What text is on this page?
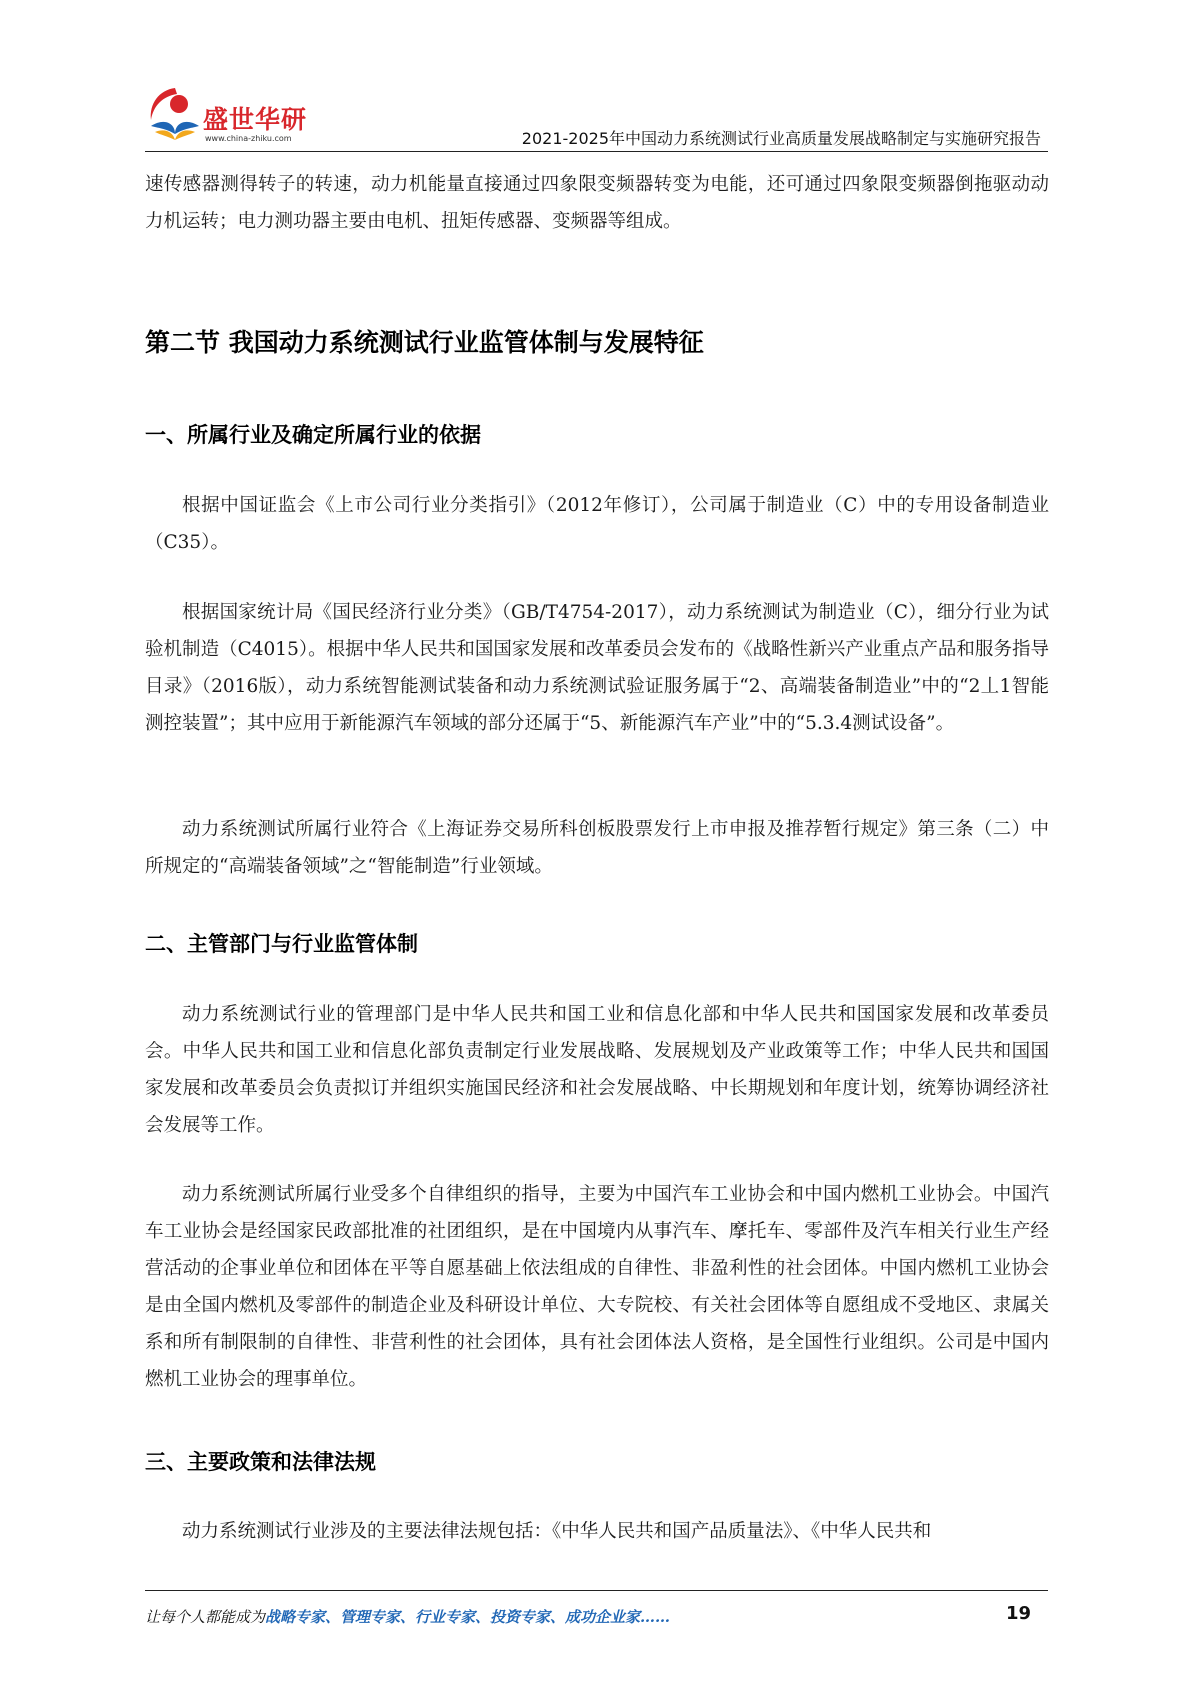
盛世华研
www.china-zhiku.com	2021-2025年中国动力系统测试行业高质量发展战略制定与实施研究报告

速传感器测得转子的转速，动力机能量直接通过四象限变频器转变为电能，还可通过四象限变频器倒拖驱动动力机运转；电力测功器主要由电机、扭矩传感器、变频器等组成。

第二节 我国动力系统测试行业监管体制与发展特征
一、所属行业及确定所属行业的依据

根据中国证监会《上市公司行业分类指引》（2012年修订），公司属于制造业（C）中的专用设备制造业（C35）。

根据国家统计局《国民经济行业分类》（GB/T4754-2017），动力系统测试为制造业（C），细分行业为试验机制造（C4015）。根据中华人民共和国国家发展和改革委员会发布的《战略性新兴产业重点产品和服务指导目录》（2016版），动力系统智能测试装备和动力系统测试验证服务属于“2、高端装备制造业”中的“2丄1智能测控装置”；其中应用于新能源汽车领域的部分还属于“5、新能源汽车产业”中的“5.3.4测试设备”。

动力系统测试所属行业符合《上海证券交易所科创板股票发行上市申报及推荐暂行规定》第三条（二）中所规定的“高端装备领域”之“智能制造”行业领域。

二、主管部门与行业监管体制

动力系统测试行业的管理部门是中华人民共和国工业和信息化部和中华人民共和国国家发展和改革委员会。中华人民共和国工业和信息化部负责制定行业发展战略、发展规划及产业政策等工作；中华人民共和国国家发展和改革委员会负责拟订并组织实施国民经济和社会发展战略、中长期规划和年度计划，统筹协调经济社会发展等工作。

动力系统测试所属行业受多个自律组织的指导，主要为中国汽车工业协会和中国内燃机工业协会。中国汽车工业协会是经国家民政部批准的社团组织，是在中国境内从事汽车、摩托车、零部件及汽车相关行业生产经营活动的企事业单位和团体在平等自愿基础上依法组成的自律性、非盈利性的社会团体。中国内燃机工业协会是由全国内燃机及零部件的制造企业及科研设计单位、大专院校、有关社会团体等自愿组成不受地区、隶属关系和所有制限制的自律性、非营利性的社会团体，具有社会团体法人资格，是全国性行业组织。公司是中国内燃机工业协会的理事单位。

三、主要政策和法律法规

动力系统测试行业涉及的主要法律法规包括：《中华人民共和国产品质量法》、《中华人民共和

让每个人都能成为战略专家、管理专家、行业专家、投资专家、成功企业家……	19
